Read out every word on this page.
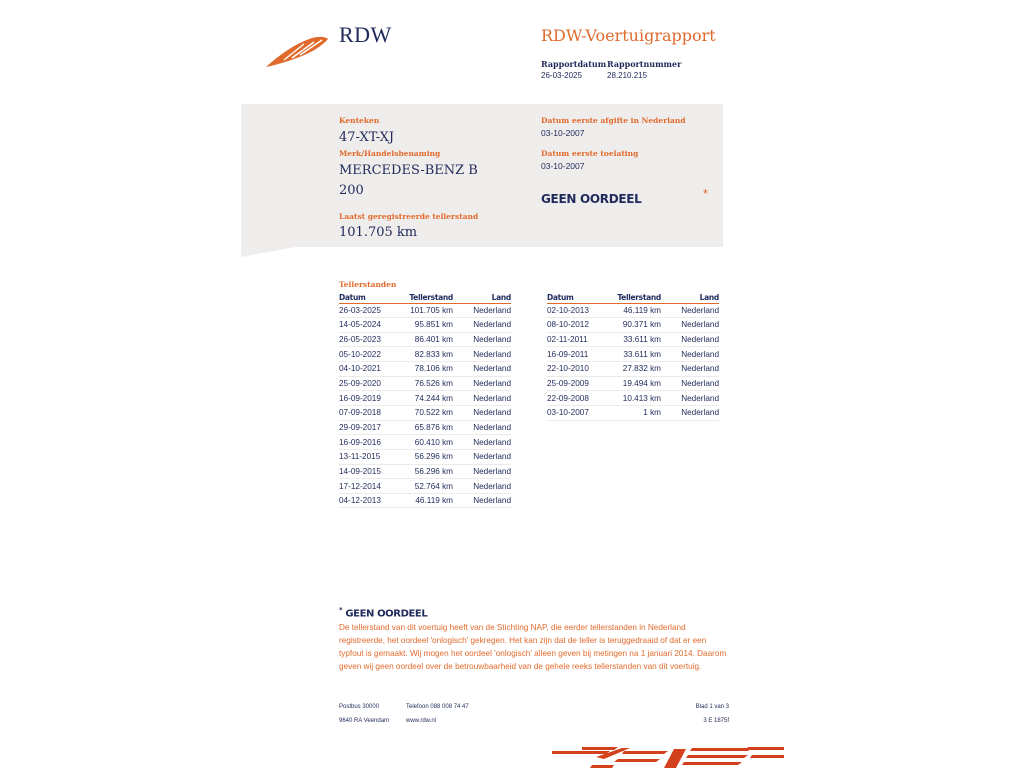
RDW	RDW-Voertuigrapport
Rapportdatum
26-03-2025
Rapportnummer
28.210.215
Kenteken
47-XT-XJ
Merk/Handelsbenaming
MERCEDES-BENZ B
200
Laatst geregistreerde tellerstand
101.705 km
Datum eerste afgifte in Nederland
03-10-2007
Datum eerste toelating
03-10-2007
GEEN OORDEEL	*
Tellerstanden
Datum	Tellerstand	Land
26-03-2025	101.705 km	Nederland
14-05-2024	95.851 km	Nederland
26-05-2023	86.401 km	Nederland
05-10-2022	82.833 km	Nederland
04-10-2021	78.106 km	Nederland
25-09-2020	76.526 km	Nederland
16-09-2019	74.244 km	Nederland
07-09-2018	70.522 km	Nederland
29-09-2017	65.876 km	Nederland
16-09-2016	60.410 km	Nederland
13-11-2015	56.296 km	Nederland
14-09-2015	56.296 km	Nederland
17-12-2014	52.764 km	Nederland
04-12-2013	46.119 km	Nederland
Datum	Tellerstand	Land
02-10-2013	46.119 km	Nederland
08-10-2012	90.371 km	Nederland
02-11-2011	33.611 km	Nederland
16-09-2011	33.611 km	Nederland
22-10-2010	27.832 km	Nederland
25-09-2009	19.494 km	Nederland
22-09-2008	10.413 km	Nederland
03-10-2007	1 km	Nederland
* GEEN OORDEEL
De tellerstand van dit voertuig heeft van de Stichting NAP, die eerder tellerstanden in Nederland registreerde, het oordeel 'onlogisch' gekregen. Het kan zijn dat de teller is teruggedraaid of dat er een typfout is gemaakt. Wij mogen het oordeel 'onlogisch' alleen geven bij metingen na 1 januari 2014. Daarom geven wij geen oordeel over de betrouwbaarheid van de gehele reeks tellerstanden van dit voertuig.
Postbus 30000
9640 RA Veendam
Telefoon 088 008 74 47
www.rdw.nl
Blad 1 van 3
3 E 1875f
